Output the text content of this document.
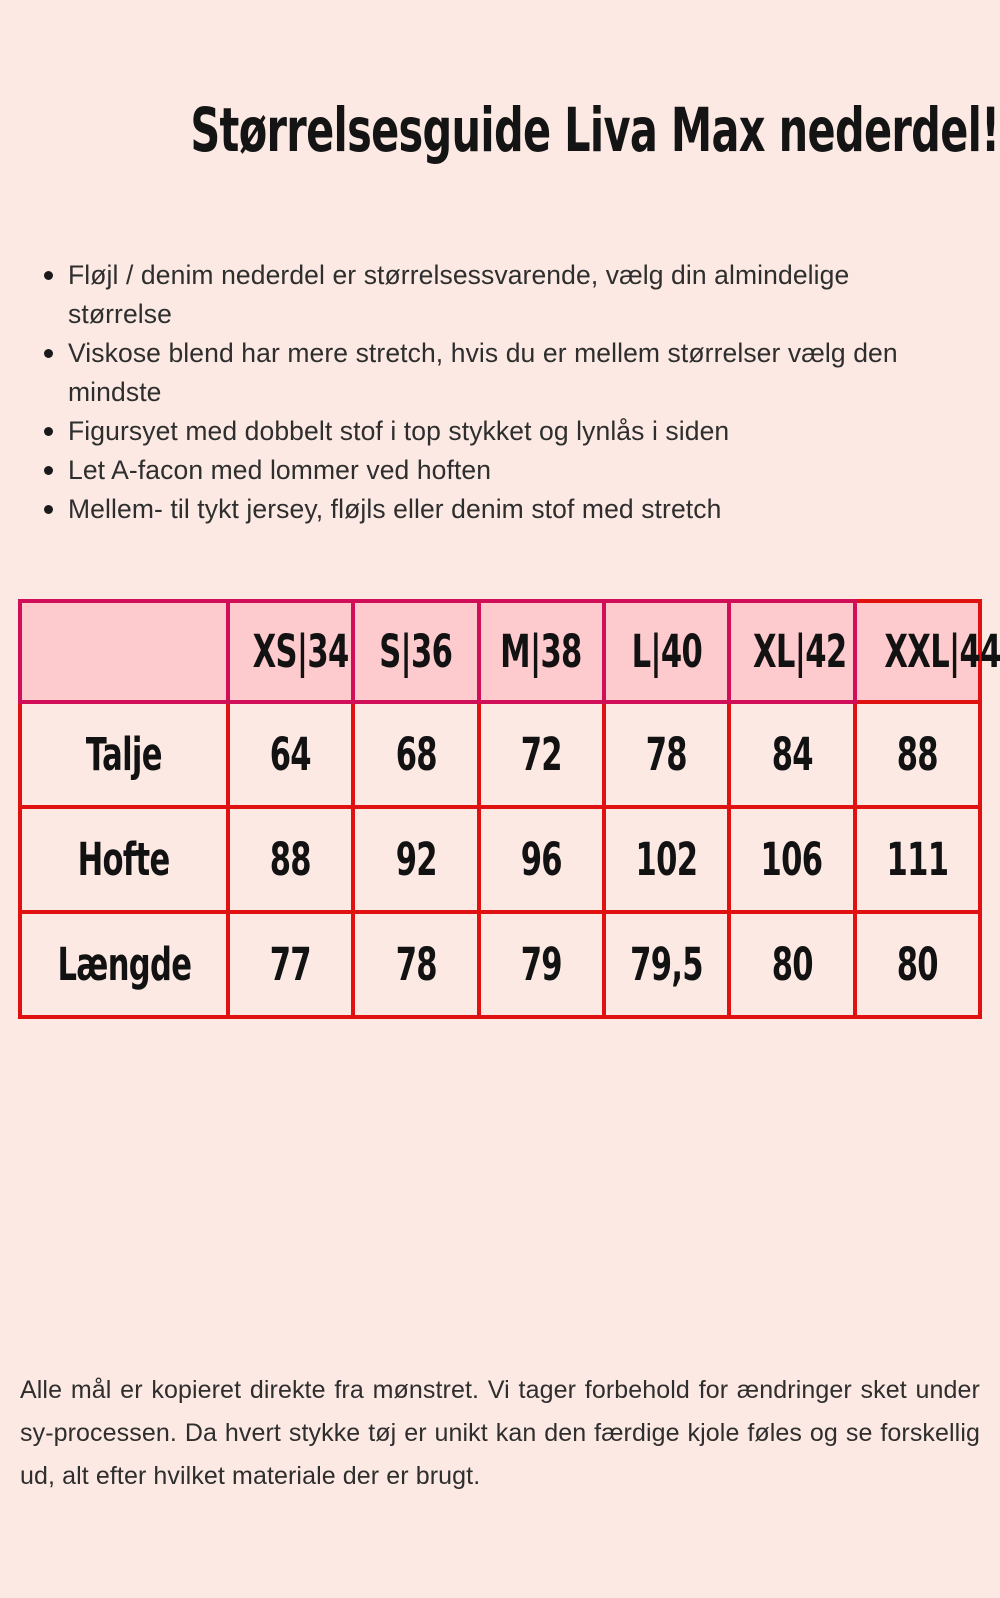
Størrelsesguide Liva Max nederdel!
Fløjl / denim nederdel er størrelsessvarende, vælg din almindelige størrelse
Viskose blend har mere stretch, hvis du er mellem størrelser vælg den mindste
Figursyet med dobbelt stof i top stykket og lynlås i siden
Let A-facon med lommer ved hoften
Mellem- til tykt jersey, fløjls eller denim stof med stretch
	XS|34	S|36	M|38	L|40	XL|42	XXL|44
Talje	64	68	72	78	84	88
Hofte	88	92	96	102	106	111
Længde	77	78	79	79,5	80	80

Alle mål er kopieret direkte fra mønstret. Vi tager forbehold for ændringer sket under sy-processen. Da hvert stykke tøj er unikt kan den færdige kjole føles og se forskellig ud, alt efter hvilket materiale der er brugt.
